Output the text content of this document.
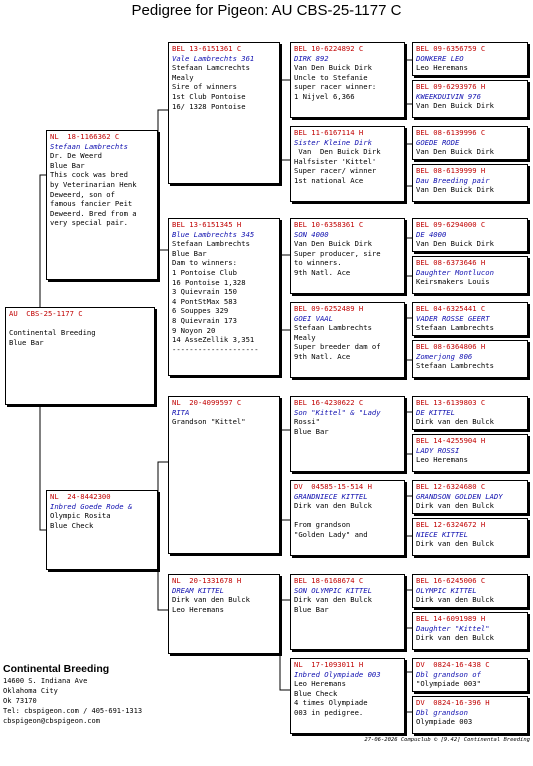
Pedigree for Pigeon: AU CBS-25-1177 C
AU  CBS-25-1177 C

Continental Breeding
Blue Bar
NL  18-1166362 C
Stefaan Lambrechts
Dr. De Weerd
Blue Bar
This cock was bred
by Veterinarian Henk
Deweerd, son of
famous fancier Peit
Deweerd. Bred from a
very special pair.
NL  24-8442300
Inbred Goede Rode &
Olympic Rosita
Blue Check
BEL 13-6151361 C
Vale Lambrechts 361
Stefaan Lamcrechts
Mealy
Sire of winners
1st Club Pontoise
16/ 1328 Pontoise
BEL 13-6151345 H
Blue Lambrechts 345
Stefaan Lambrechts
Blue Bar
Dam to winners:
1 Pontoise Club
16 Pontoise 1,328
3 Quievrain 150
4 PontStMax 583
6 Souppes 329
8 Quievrain 173
9 Noyon 20
14 AsseZellik 3,351
--------------------
NL  20-4099597 C
RITA
Grandson "Kittel"
NL  20-1331678 H
DREAM KITTEL
Dirk van den Bulck
Leo Heremans
BEL 10-6224892 C
DIRK 892
Van Den Buick Dirk
Uncle to Stefanie
super racer winner:
1 Nijvel 6,366
BEL 11-6167114 H
Sister Kleine Dirk
Van  Den Buick Dirk
Halfsister 'Kittel'
Super racer/ winner
1st national Ace
BEL 10-6358361 C
SON 4000
Van Den Buick Dirk
Super producer, sire
to winners.
9th Natl. Ace
BEL 09-6252489 H
GOEI VAAL
Stefaan Lambrechts
Mealy
Super breeder dam of
9th Natl. Ace
BEL 16-4230622 C
Son "Kittel" & "Lady
Rossi"
Blue Bar
DV  04585-15-514 H
GRANDNIECE KITTEL
Dirk van den Bulck

From grandson
"Golden Lady" and
BEL 18-6168674 C
SON OLYMPIC KITTEL
Dirk van den Bulck
Blue Bar
NL  17-1093011 H
Inbred Olympiade 003
Leo Heremans
Blue Check
4 times Olympiade
003 in pedigree.
BEL 09-6356759 C
DONKERE LEO
Leo Heremans
BEL 09-6293976 H
KWEEKDUIVIN 976
Van Den Buick Dirk
BEL 08-6139996 C
GOEDE RODE
Van Den Buick Dirk
BEL 08-6139999 H
Dau Breeding pair
Van Den Buick Dirk
BEL 09-6294000 C
DE 4000
Van Den Buick Dirk
BEL 08-6373646 H
Daughter Montlucon
Keirsmakers Louis
BEL 04-6325441 C
VADER ROSSE GEERT
Stefaan Lambrechts
BEL 08-6364806 H
Zomerjong 806
Stefaan Lambrechts
BEL 13-6139803 C
DE KITTEL
Dirk van den Bulck
BEL 14-4255904 H
LADY ROSSI
Leo Heremans
BEL 12-6324680 C
GRANDSON GOLDEN LADY
Dirk van den Bulck
BEL 12-6324672 H
NIECE KITTEL
Dirk van den Bulck
BEL 16-6245006 C
OLYMPIC KITTEL
Dirk van den Bulck
BEL 14-6091989 H
Daughter "Kittel"
Dirk van den Bulck
DV  0824-16-438 C
Dbl grandson of
"Olympiade 003"
DV  0824-16-396 H
Dbl grandson
Olympiade 003
Continental Breeding
14600 S. Indiana Ave
Oklahoma City
Ok 73170
Tel: cbspigeon.com / 405-691-1313
cbspigeon@cbspigeon.com
27-06-2026 Compuclub © [9.42] Continental Breeding
